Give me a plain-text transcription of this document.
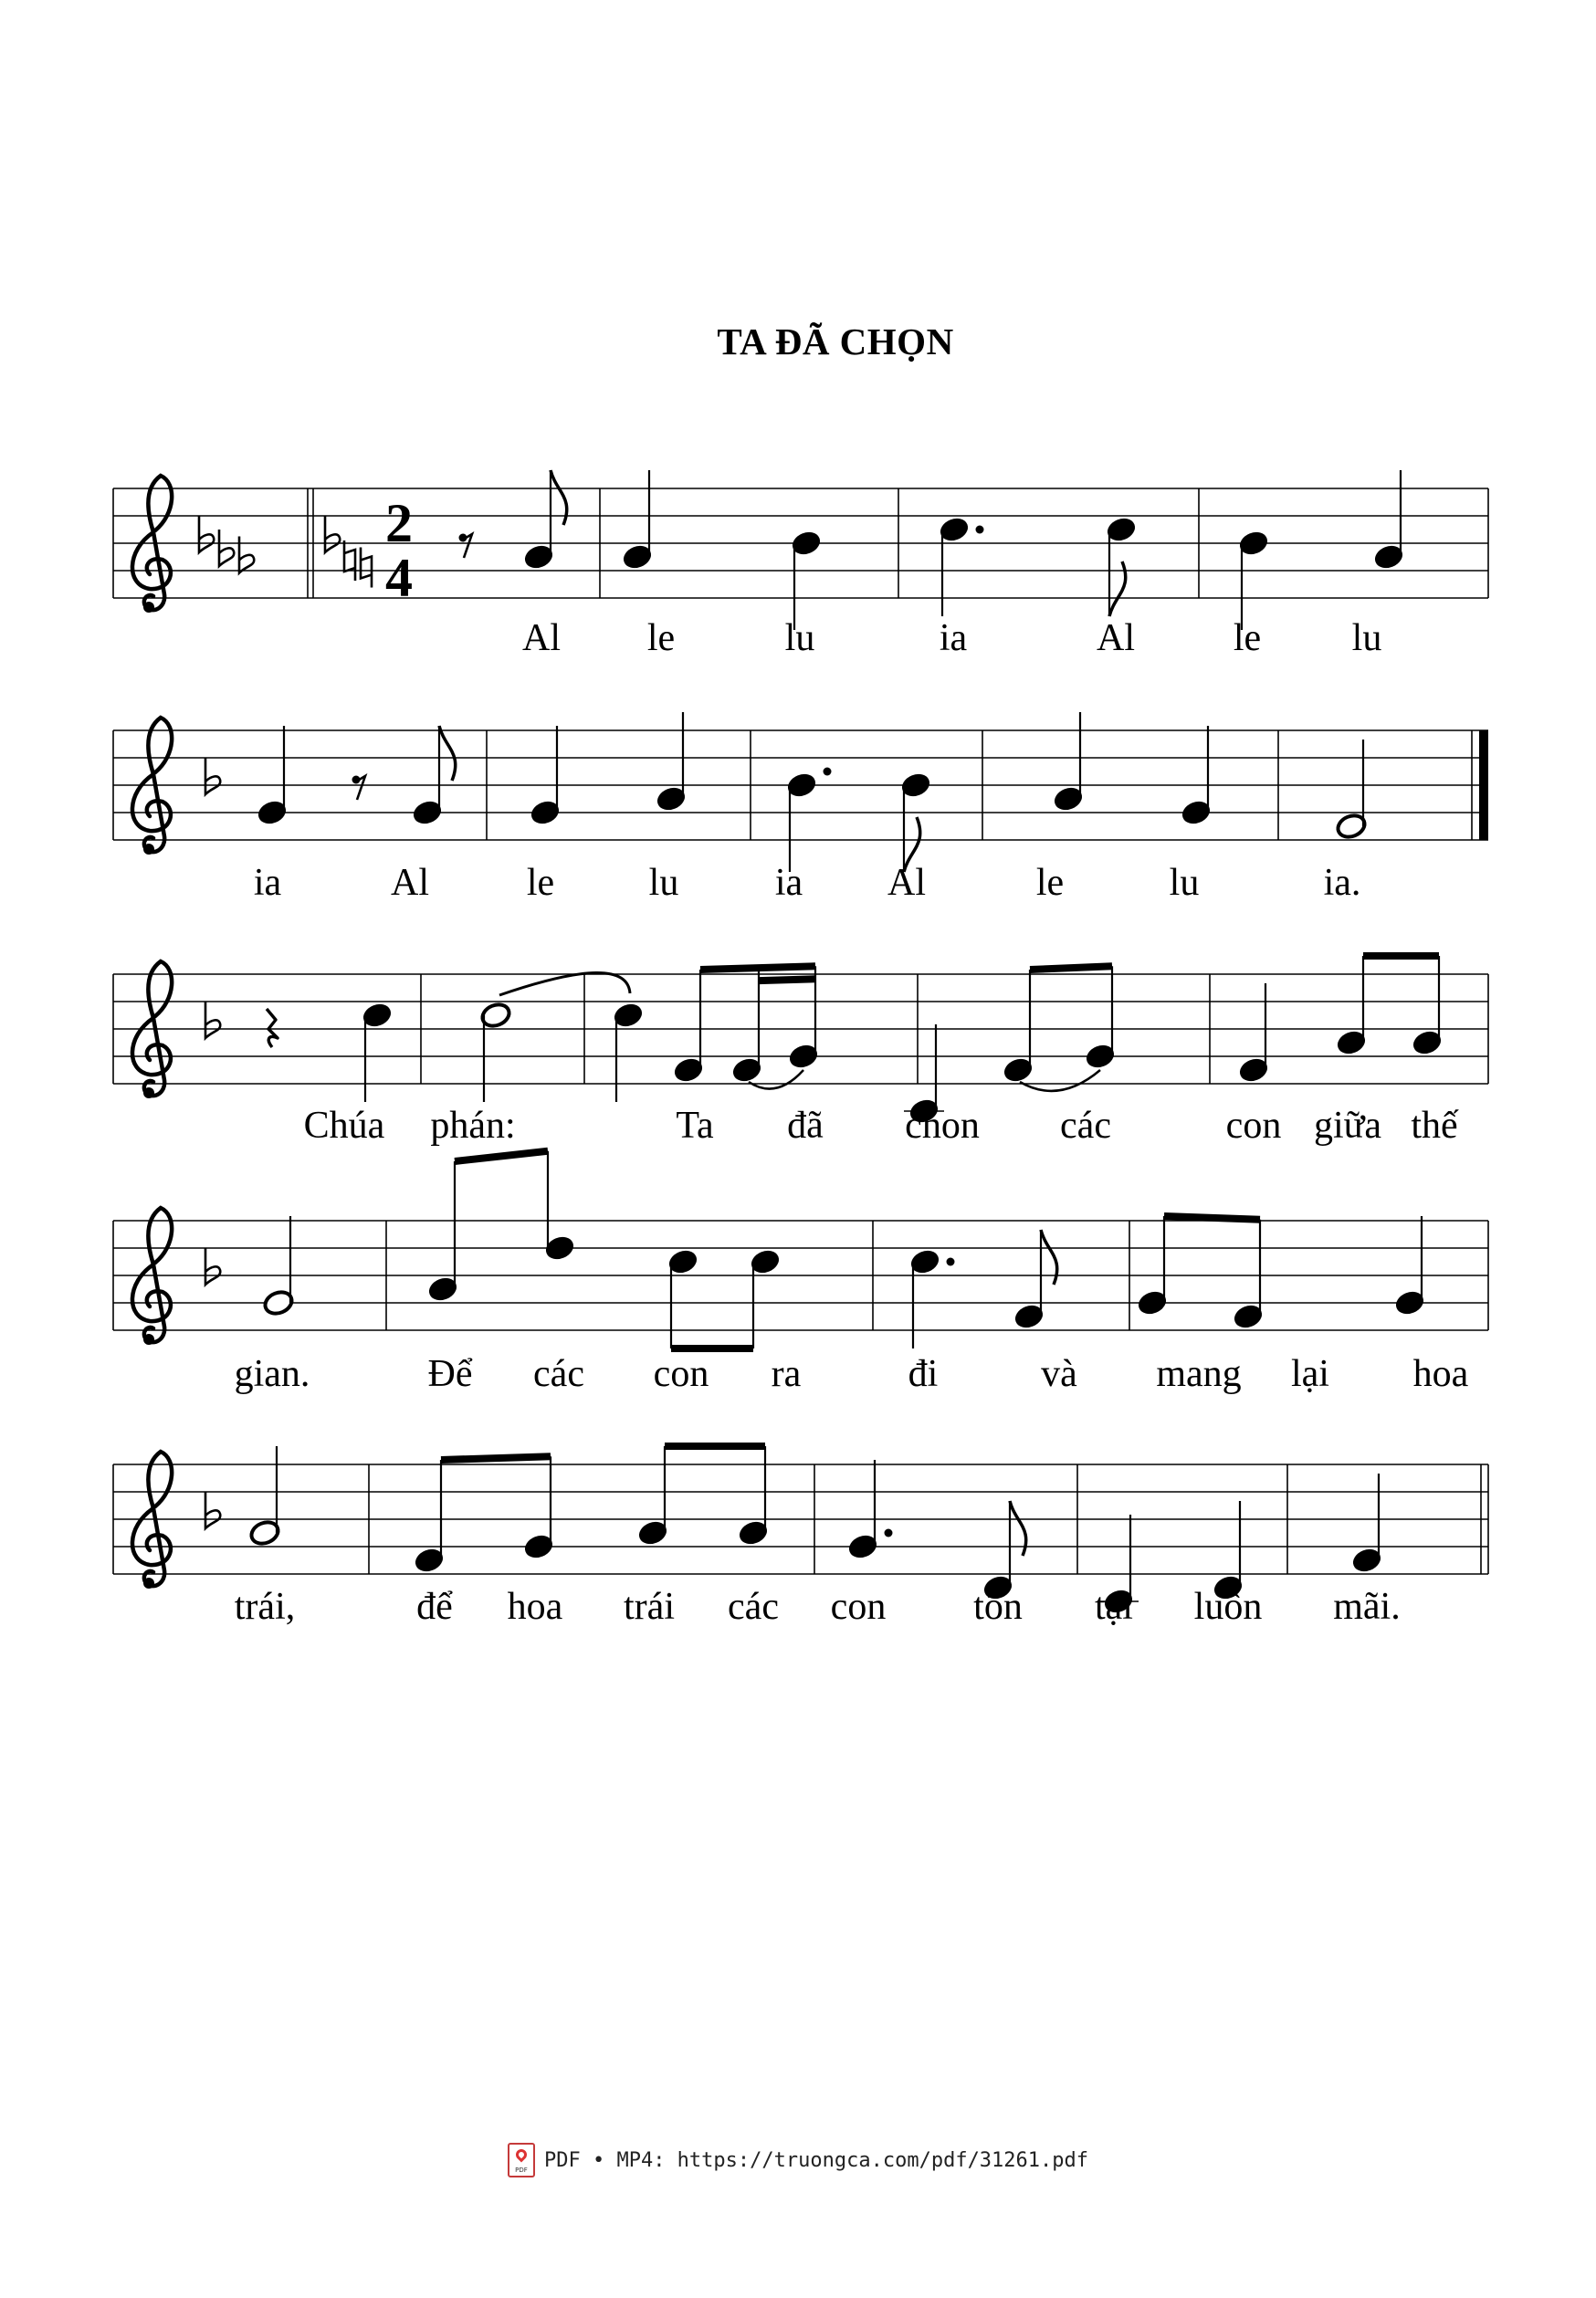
TA ĐÃ CHỌN
2
4
Al le	lu	ia	Al	le lu
ia	Al	le lu	ia Al	le	lu	ia.
Chúa phán:	Ta đã chon các	con giữa thế
gian.	Để các con ra	đi	và mang lại hoa
trái,	để hoa trái các con tồn tại luôn mãi.
PDF PDF • MP4: https://truongca.com/pdf/31261.pdf
